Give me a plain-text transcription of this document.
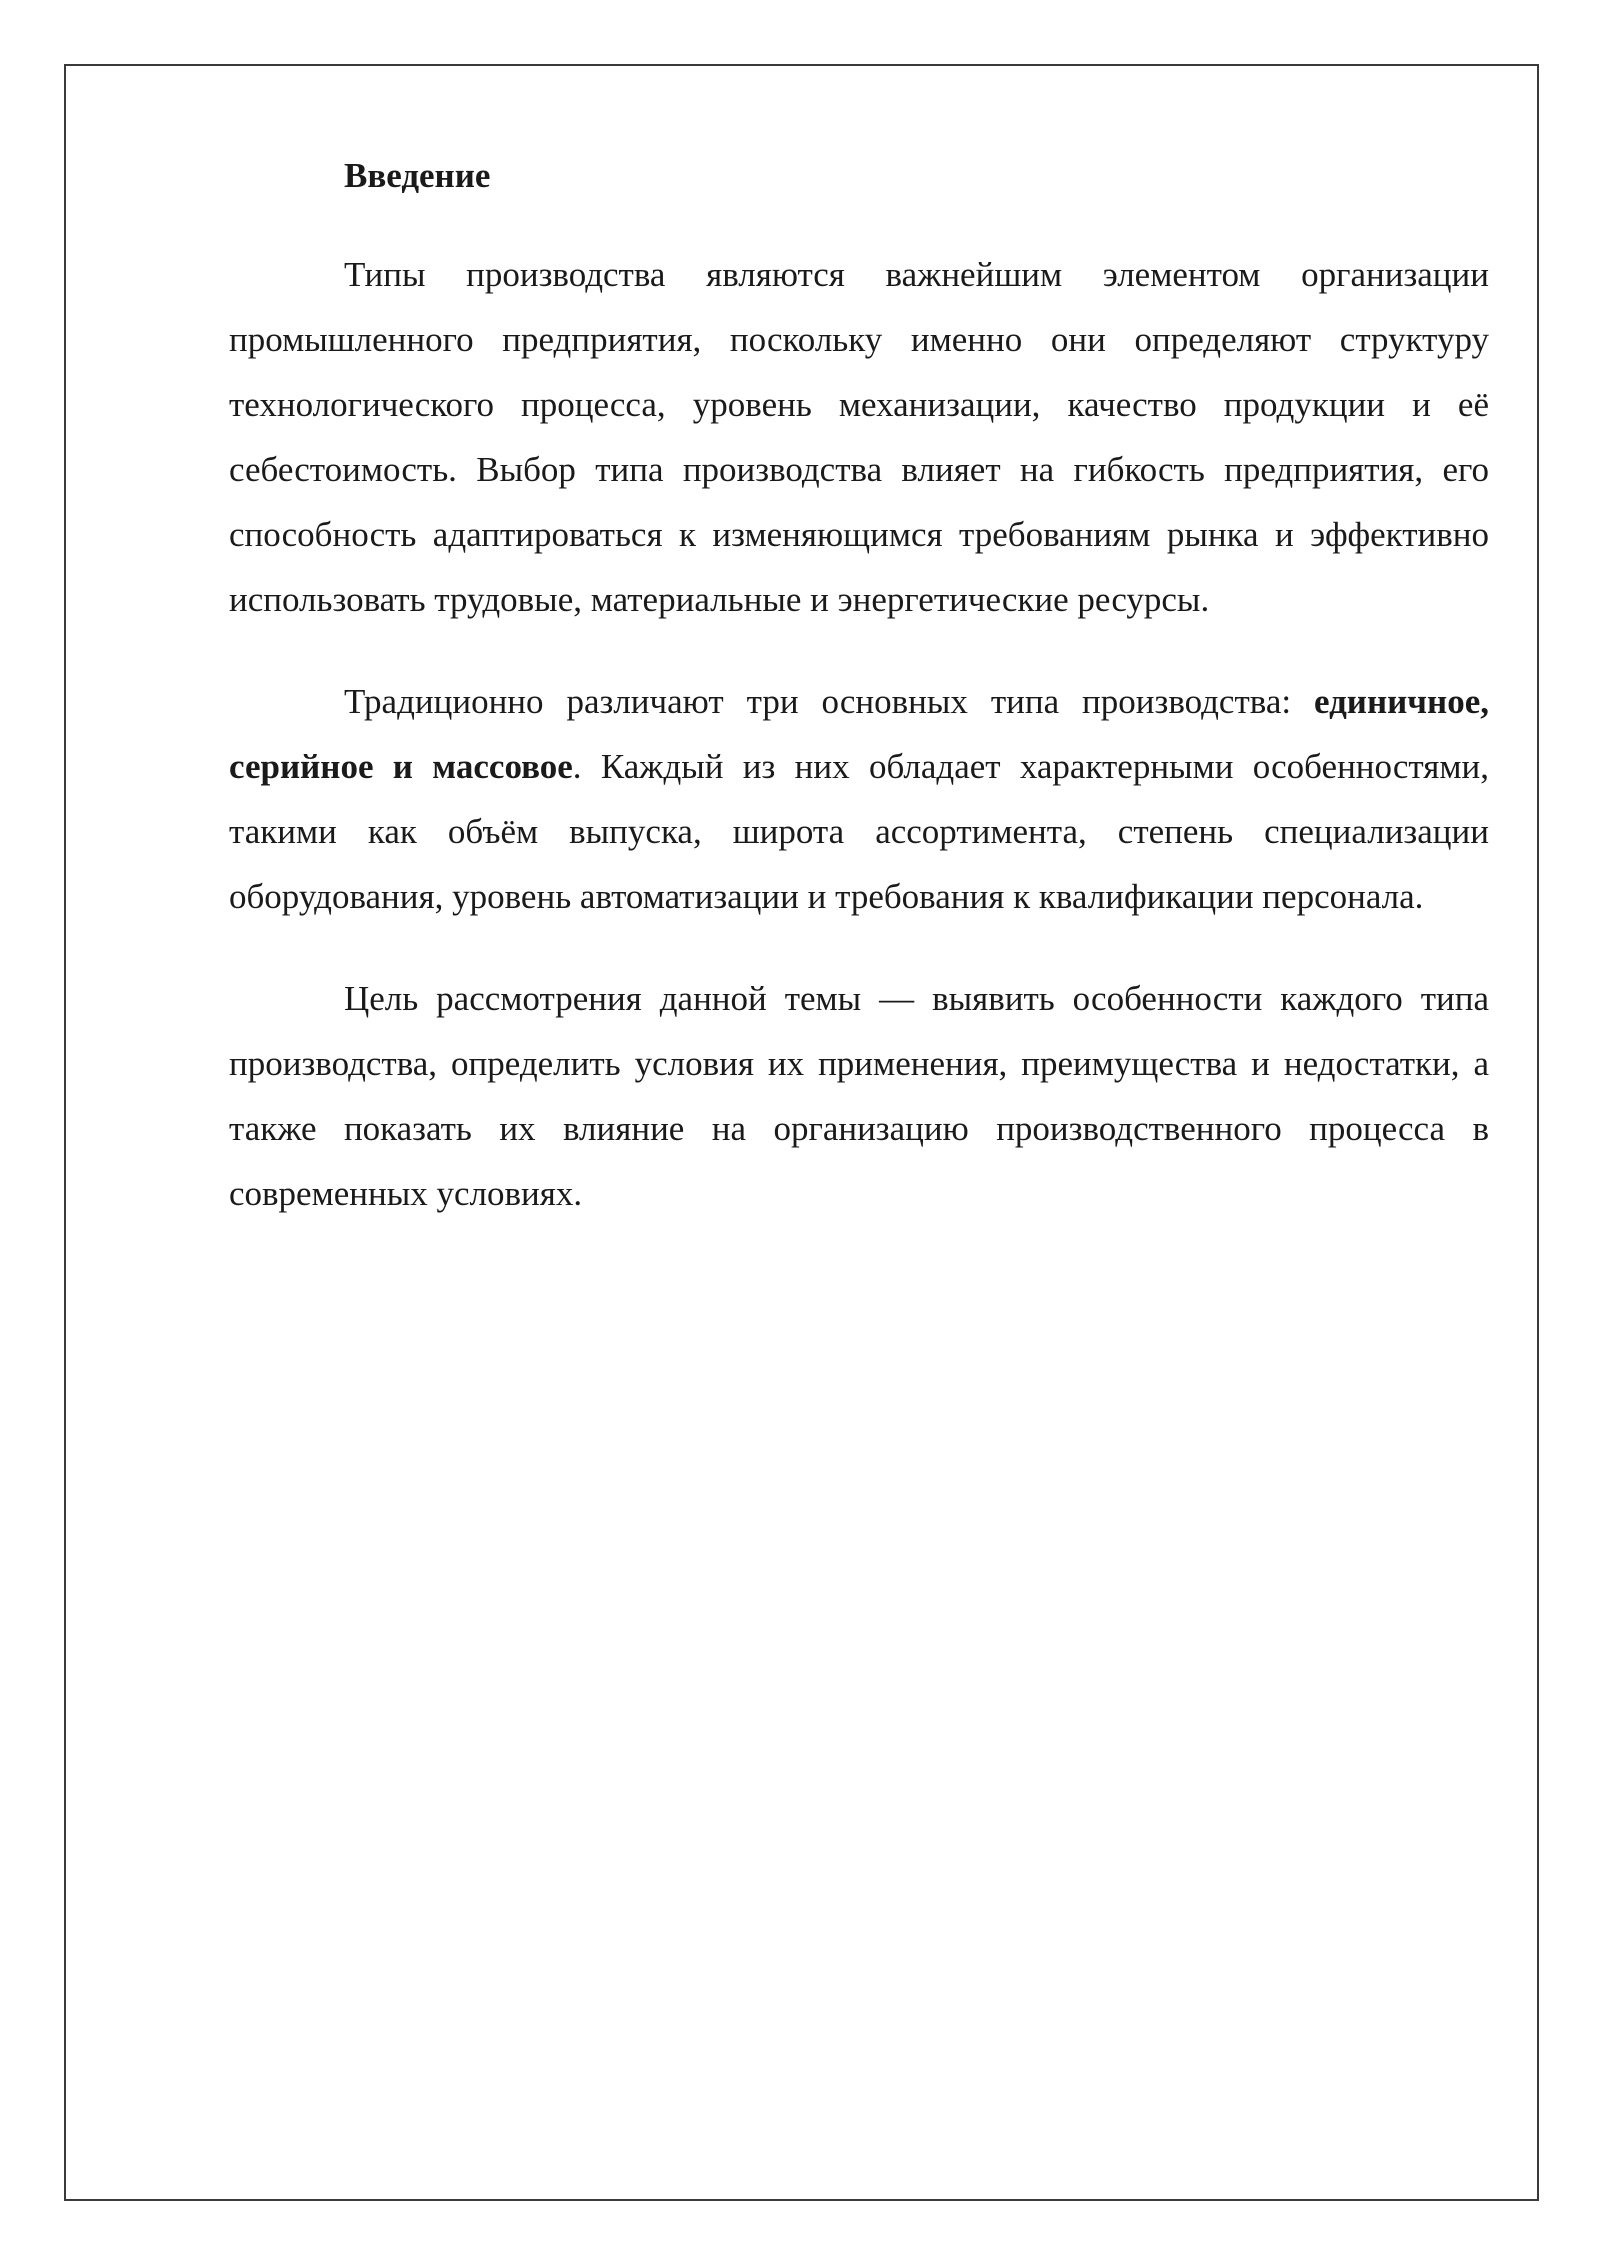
Введение

Типы производства являются важнейшим элементом организации промышленного предприятия, поскольку именно они определяют структуру технологического процесса, уровень механизации, качество продукции и её себестоимость. Выбор типа производства влияет на гибкость предприятия, его способность адаптироваться к изменяющимся требованиям рынка и эффективно использовать трудовые, материальные и энергетические ресурсы.

Традиционно различают три основных типа производства: единичное, серийное и массовое. Каждый из них обладает характерными особенностями, такими как объём выпуска, широта ассортимента, степень специализации оборудования, уровень автоматизации и требования к квалификации персонала.

Цель рассмотрения данной темы — выявить особенности каждого типа производства, определить условия их применения, преимущества и недостатки, а также показать их влияние на организацию производственного процесса в современных условиях.
